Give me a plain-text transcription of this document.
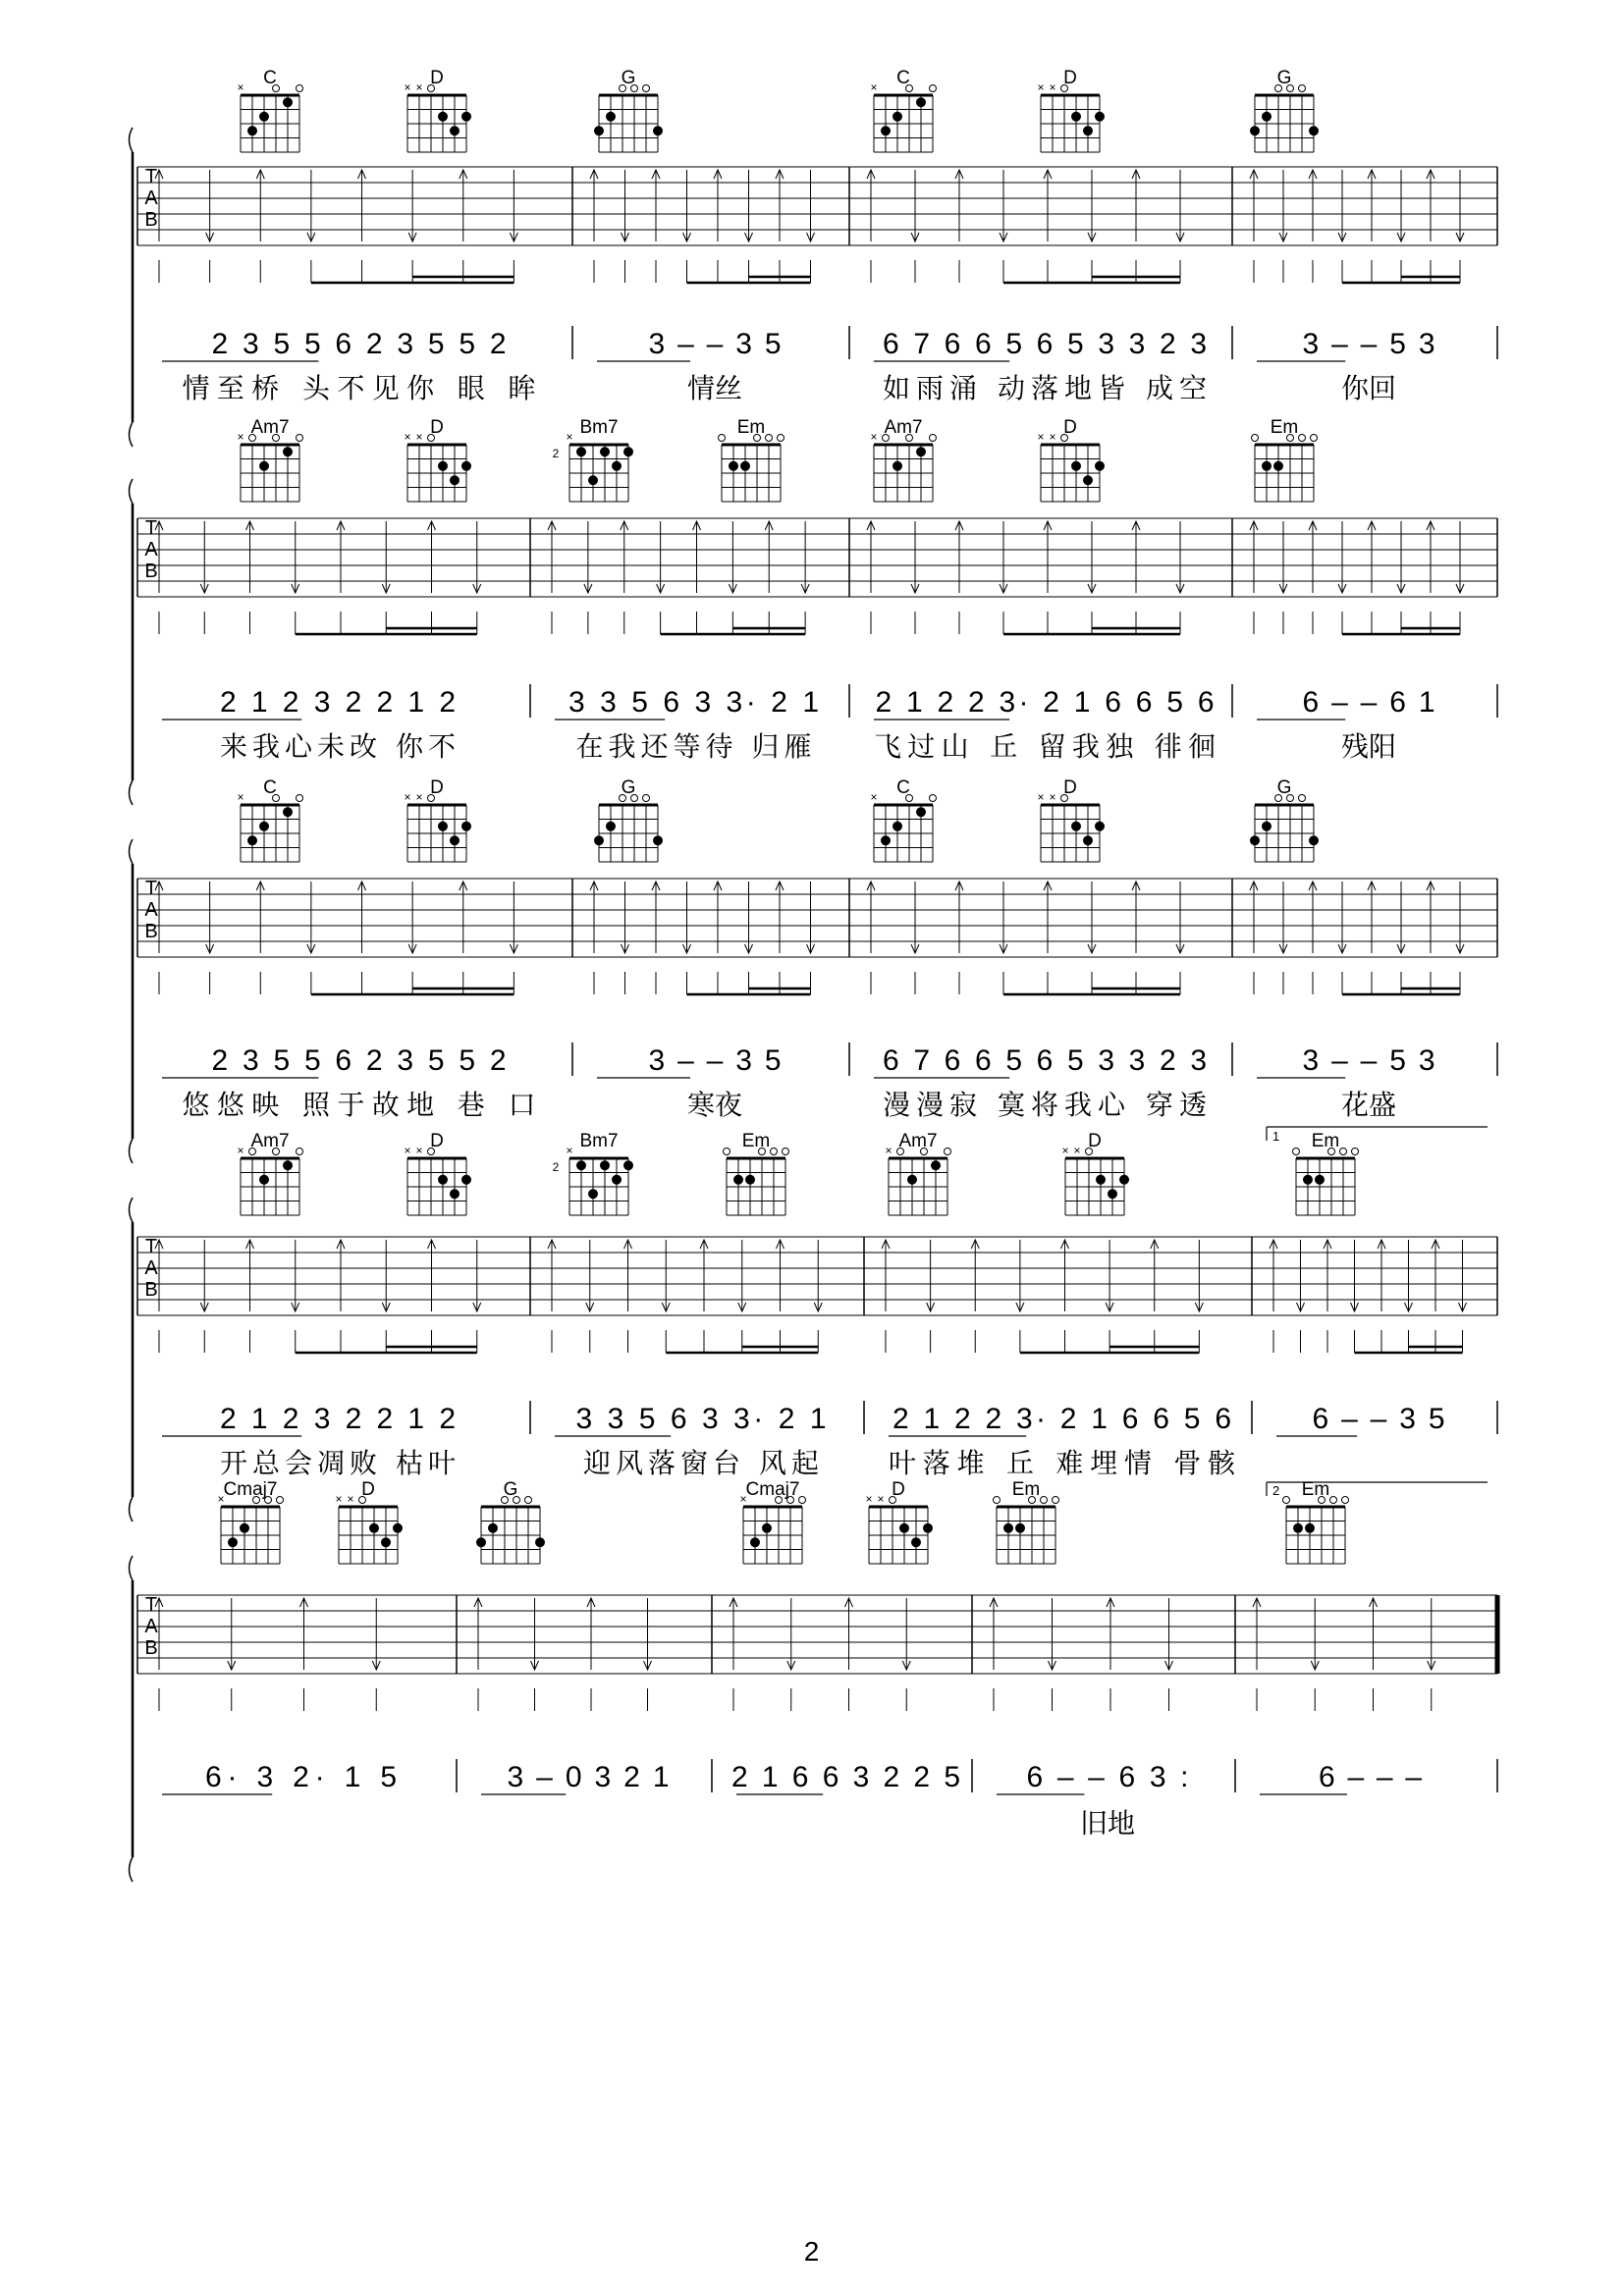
T
A
B
2 3 5 5 6 2 3 5 5 2
情至桥 头不见你 眼 眸
3 – – 3 5
情丝
6 7 6 6 5 6 5 3 3 2 3
如雨涌 动落地皆 成空
3 – – 5 3
你回
C
×	D
× ×	G	C
×	D
× ×	G
T
A
B
2 1 2 3 2 2 1 2
来我心未改 你不
3 3 5 6 3 3· 2 1
在我还等待 归雁
2 1 2 2 3· 2 1 6 6 5 6
飞过山 丘 留我独 徘徊
6 – – 6 1
残阳
Am7
×	D
× ×	Bm7
2
×	Em	Am7
×	D
× ×	Em
T
A
B
2 3 5 5 6 2 3 5 5 2
悠悠映 照于故地 巷 口
3 – – 3 5
寒夜
6 7 6 6 5 6 5 3 3 2 3
漫漫寂 寞将我心 穿透
3 – – 5 3
花盛
C
×	D
× ×	G	C
×	D
× ×	G
T
A
B
2 1 2 3 2 2 1 2
开总会凋败 枯叶
3 3 5 6 3 3· 2 1
迎风落窗台 风起
2 1 2 2 3· 2 1 6 6 5 6
叶落堆 丘 难埋情 骨骸
6 – – 3 5
Am7
×	D
× ×	Bm7
2
×	Em	Am7
×	D
× ×	Em
T
A
B
6· 3 2· 1 5	3 – 0 3 2 1 2 1 6 6 3 2 2 5 6 – – 6 3 :
旧地
6 – – –
Cmaj7
×	D
× ×	G	Cmaj7
×	D
× ×	Em	Em
1
2
2
